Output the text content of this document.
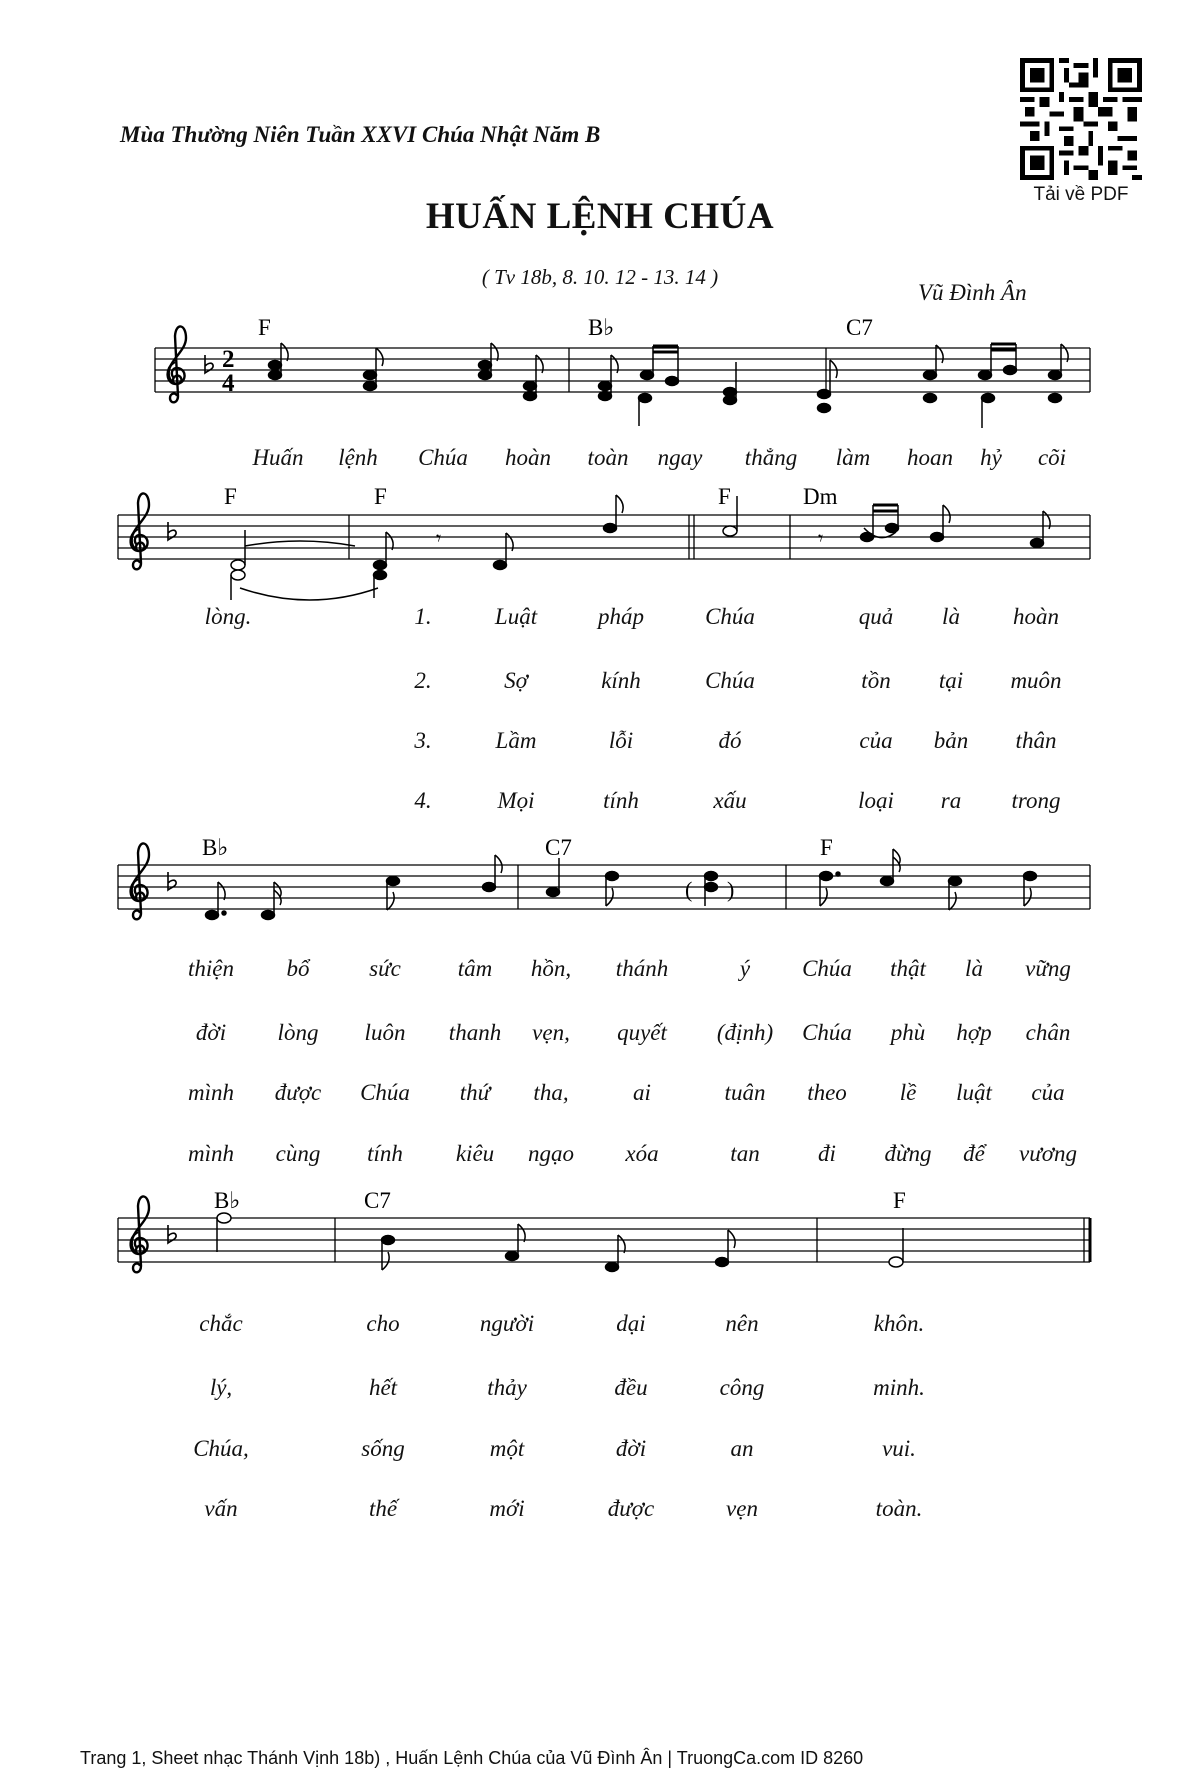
Mùa Thường Niên Tuần XXVI Chúa Nhật Năm B
HUẤN LỆNH CHÚA
( Tv 18b, 8. 10. 12 - 13. 14 )
Vũ Đình Ân
Tải về PDF
2
4
F	B♭	C7
𝄾	𝄾
F	F	F	Dm
( )
B♭	C7	F
B♭	C7	F
Huấn lệnh Chúa hoàn toàn ngay thẳng làm hoan hỷ cõi
lòng.	1.	Luật	pháp	Chúa	quả là hoàn
2.	Sợ	kính	Chúa	tồn tại muôn
3.	Lầm	lỗi	đó	của bản thân
4.	Mọi	tính	xấu	loại ra trong
thiện bổ	sức tâm hồn, thánh	ý Chúa thật là vững
đời lòng luôn thanh vẹn, quyết (định) Chúa phù hợp chân
mình được Chúa thứ tha,	ai	tuân theo lề luật của
mình cùng tính kiêu ngạo xóa	tan	đi đừng để vương
chắc	cho	người	dại	nên	khôn.
lý,	hết	thảy	đều	công	minh.
Chúa,	sống	một	đời	an	vui.
vấn	thế	mới	được	vẹn	toàn.
Trang 1, Sheet nhạc Thánh Vịnh 18b) , Huấn Lệnh Chúa của Vũ Đình Ân | TruongCa.com ID 8260
